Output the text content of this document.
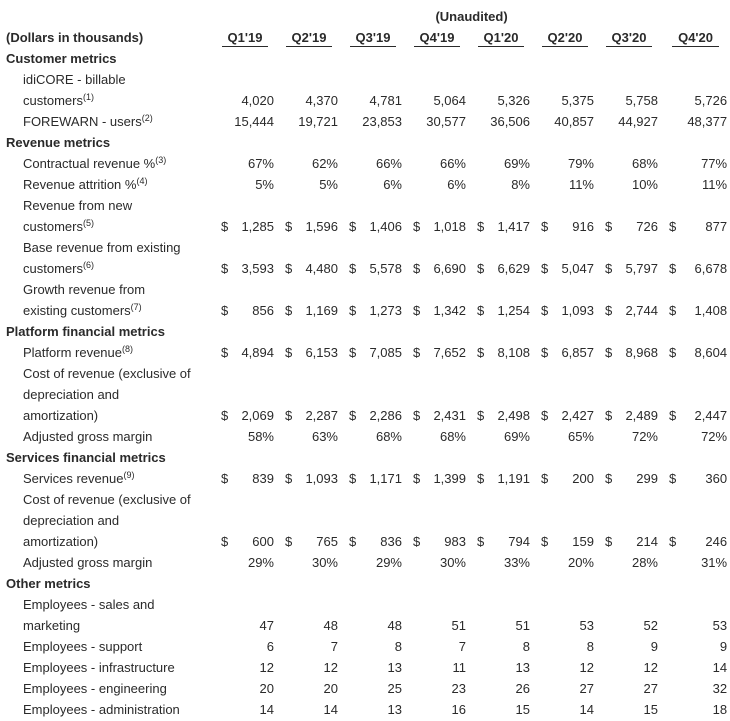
	(Unaudited)							
(Dollars in thousands)	Q1'19	Q2'19	Q3'19	Q4'19	Q1'20	Q2'20	Q3'20	Q4'20
Customer metrics								
idiCORE - billable								
customers$^{(1)}$	4,020	4,370	4,781	5,064	5,326	5,375	5,758	5,726
FOREWARN - users$^{(2)}$	15,444	19,721	23,853	30,577	36,506	40,857	44,927	48,377
Revenue metrics								
Contractual revenue %$^{(3)}$	67%	62%	66%	66%	69%	79%	68%	77%
Revenue attrition %$^{(4)}$	5%	5%	6%	6%	8%	11%	10%	11%
Revenue from new								
customers$^{(5)}$	$ 1,285	$ 1,596	$ 1,406	$ 1,018	$ 1,417	$ 916	$ 726	$ 877

Base revenue from existing								
customers$^{(6)}$	$ 3,593	$ 4,480	$ 5,578	$ 6,690	$ 6,629	$ 5,047	$ 5,797	$ 6,678

Growth revenue from								
existing customers$^{(7)}$	$ 856	$ 1,169	$ 1,273	$ 1,342	$ 1,254	$ 1,093	$ 2,744	$ 1,408

Platform financial metrics								
Platform revenue$^{(8)}$	$ 4,894	$ 6,153	$ 7,085	$ 7,652	$ 8,108	$ 6,857	$ 8,968	$ 8,604

Cost of revenue (exclusive of								
depreciation and								
amortization)	$ 2,069	$ 2,287	$ 2,286	$ 2,431	$ 2,498	$ 2,427	$ 2,489	$ 2,447

Adjusted gross margin	58%	63%	68%	68%	69%	65%	72%	72%
Services financial metrics								
Services revenue$^{(9)}$	$ 839	$ 1,093	$ 1,171	$ 1,399	$ 1,191	$ 200	$ 299	$ 360

Cost of revenue (exclusive of								
depreciation and								
amortization)	$ 600	$ 765	$ 836	$ 983	$ 794	$ 159	$ 214	$ 246

Adjusted gross margin	29%	30%	29%	30%	33%	20%	28%	31%
Other metrics								
Employees - sales and								
marketing	47	48	48	51	51	53	52	53
Employees - support	6	7	8	7	8	8	9	9
Employees - infrastructure	12	12	13	11	13	12	12	14
Employees - engineering	20	20	25	23	26	27	27	32
Employees - administration	14	14	13	16	15	14	15	18
